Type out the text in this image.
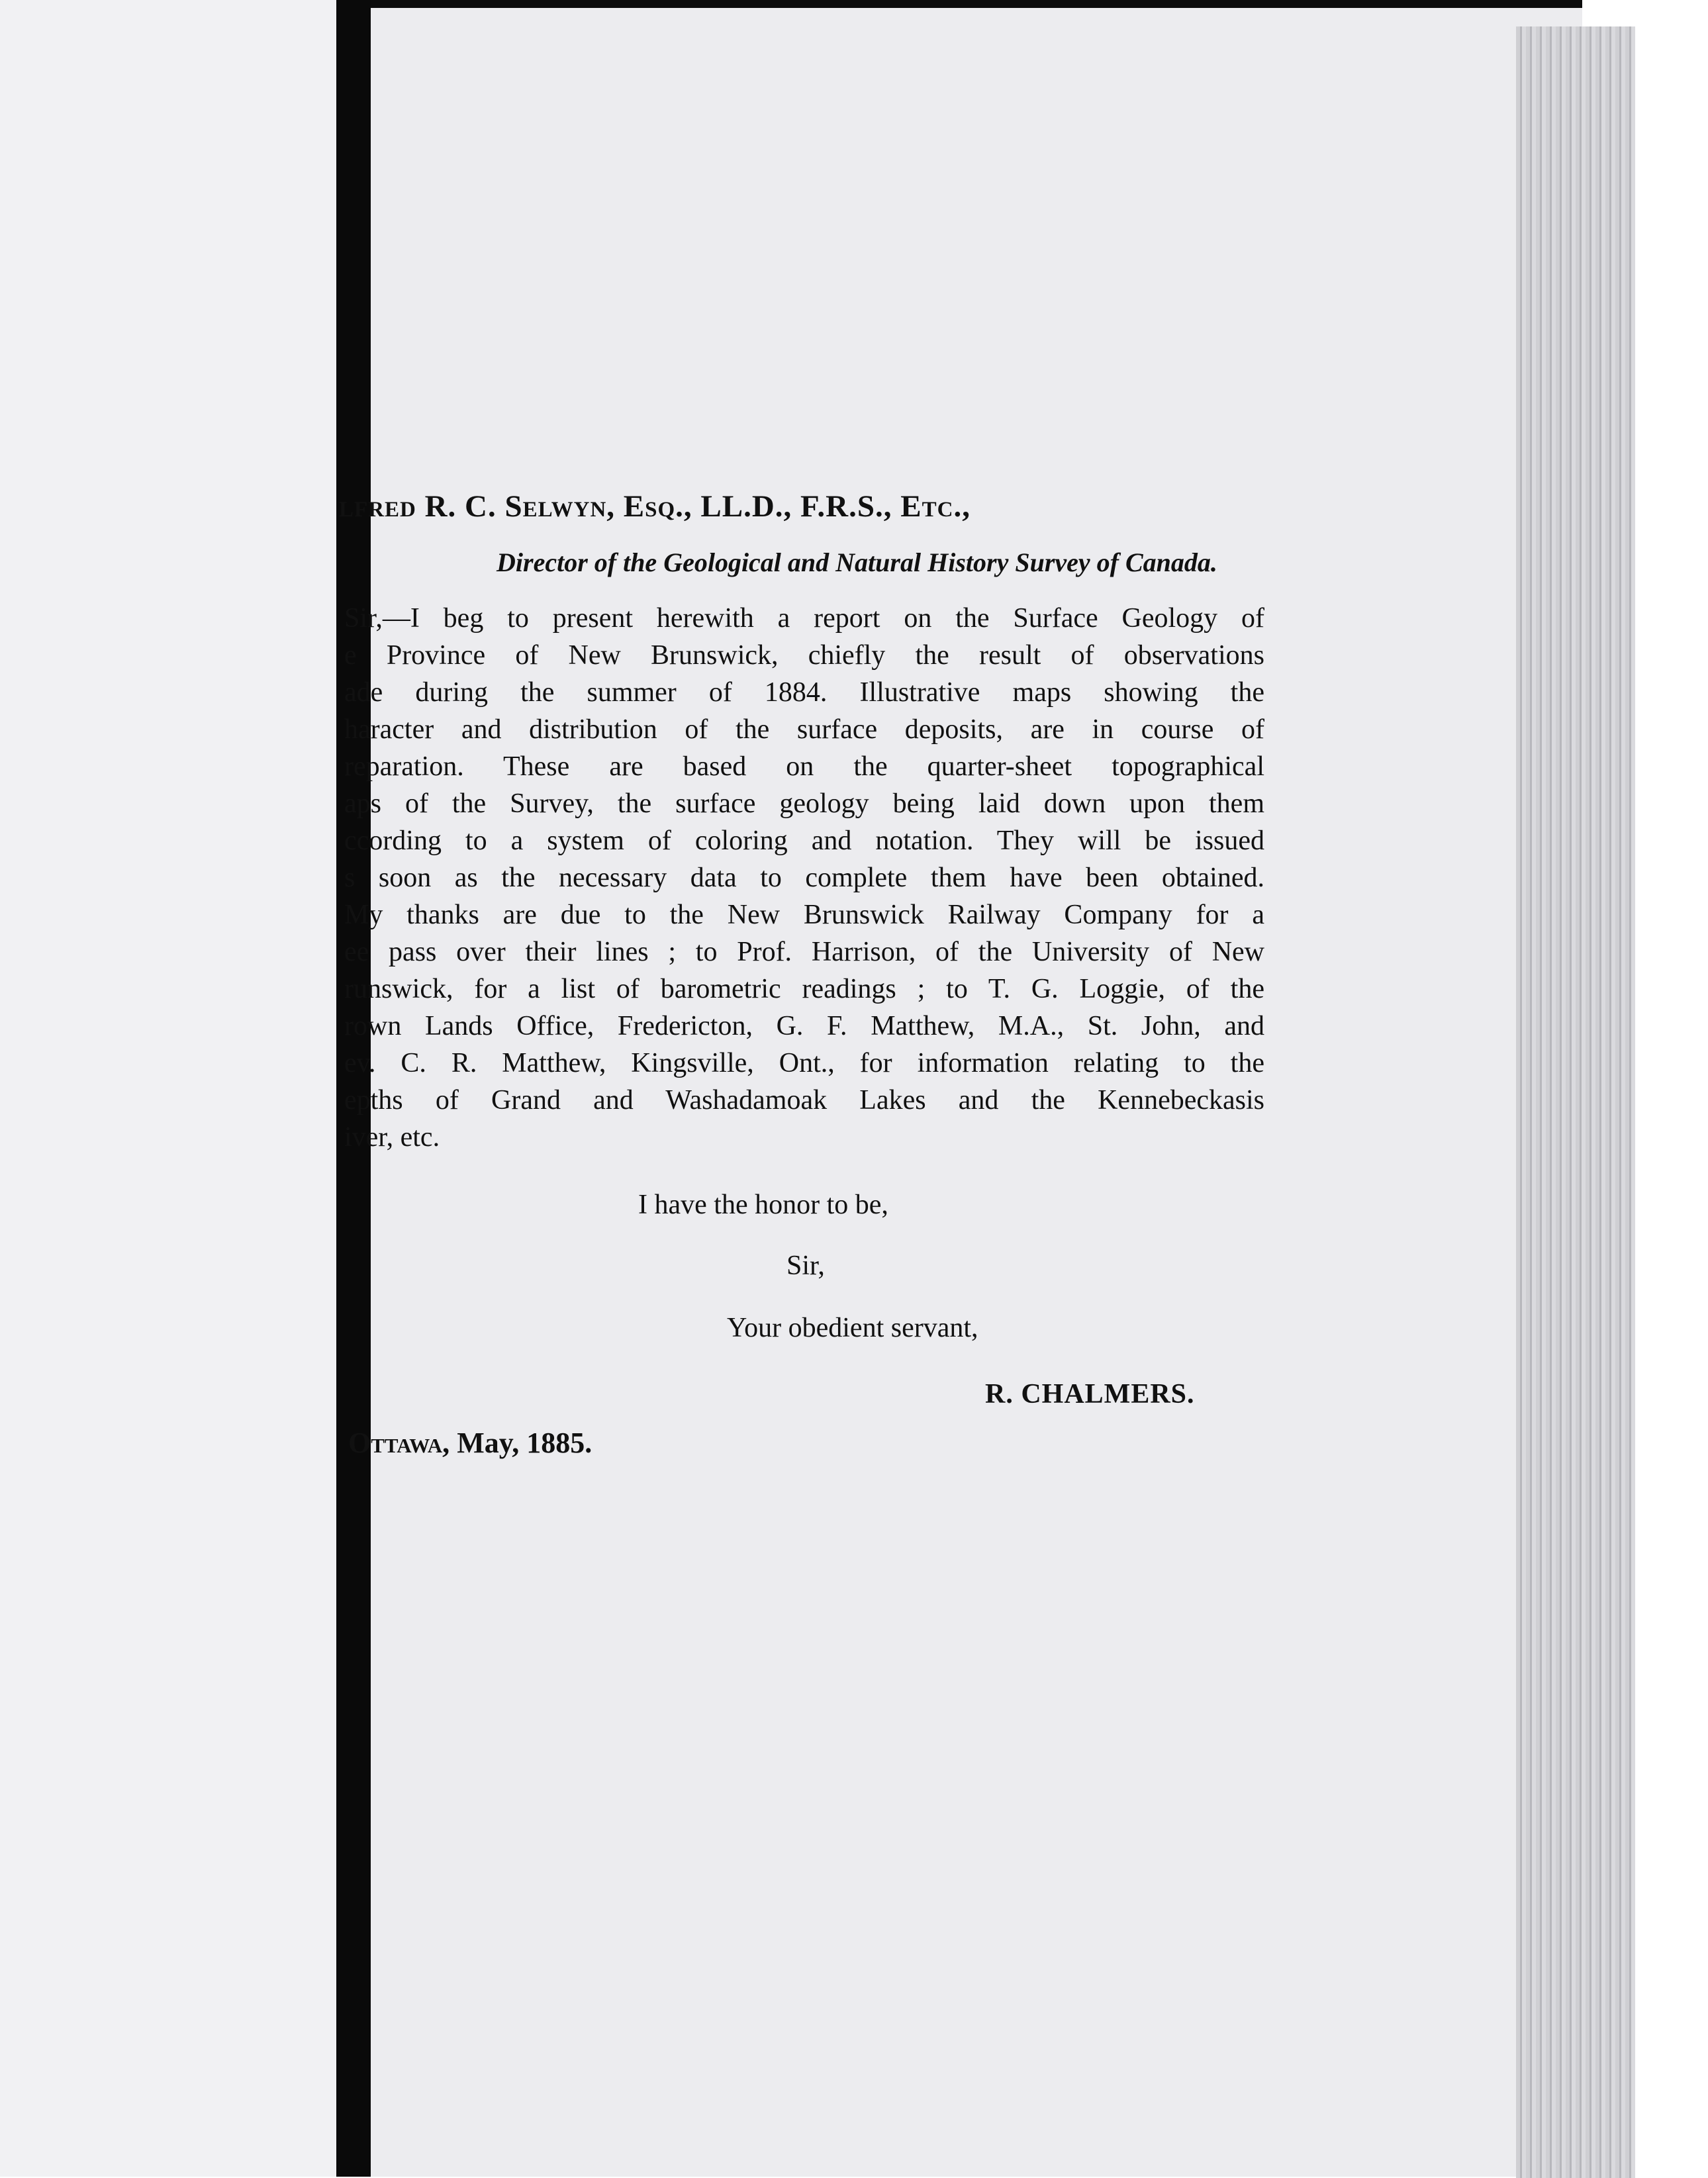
lfred R. C. Selwyn, Esq., LL.D., F.R.S., Etc.,
Director of the Geological and Natural History Survey of Canada.
Sir,—I beg to present herewith a report on the Surface Geology of
e Province of New Brunswick, chiefly the result of observations
ade during the summer of 1884. Illustrative maps showing the
haracter and distribution of the surface deposits, are in course of
reparation. These are based on the quarter-sheet topographical
aps of the Survey, the surface geology being laid down upon them
ccording to a system of coloring and notation. They will be issued
s soon as the necessary data to complete them have been obtained.
My thanks are due to the New Brunswick Railway Company for a
ee pass over their lines ; to Prof. Harrison, of the University of New
runswick, for a list of barometric readings ; to T. G. Loggie, of the
rown Lands Office, Fredericton, G. F. Matthew, M.A., St. John, and
ev. C. R. Matthew, Kingsville, Ont., for information relating to the
epths of Grand and Washadamoak Lakes and the Kennebeckasis
iver, etc.
I have the honor to be,
Sir,
Your obedient servant,
R. CHALMERS.
Ottawa, May, 1885.
